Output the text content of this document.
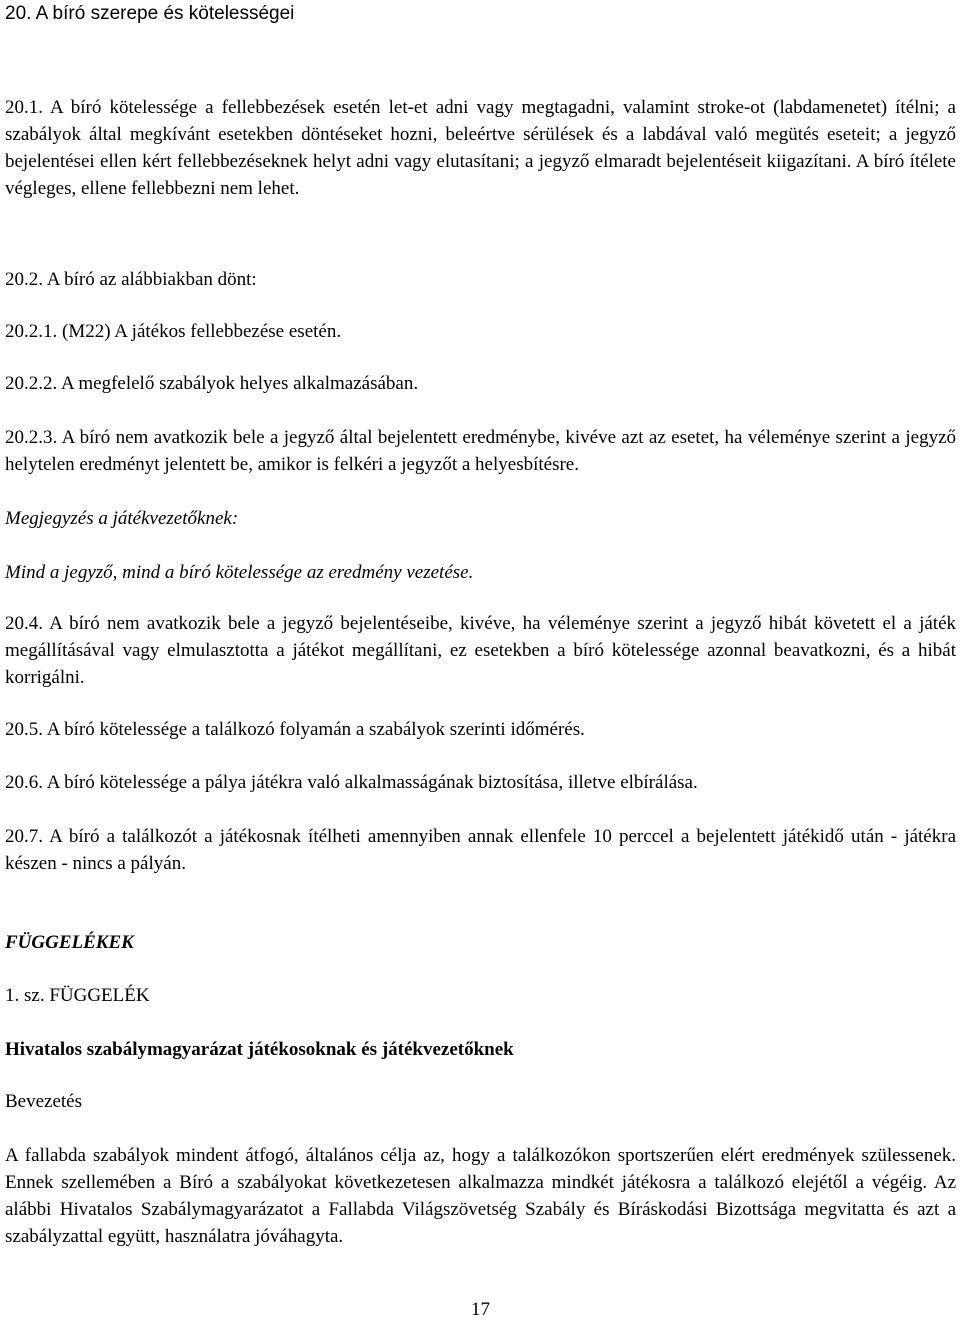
20. A bíró szerepe és kötelességei

20.1. A bíró kötelessége a fellebbezések esetén let-et adni vagy megtagadni, valamint stroke-ot (labdamenetet) ítélni; a szabályok által megkívánt esetekben döntéseket hozni, beleértve sérülések és a labdával való megütés eseteit; a jegyző bejelentései ellen kért fellebbezéseknek helyt adni vagy elutasítani; a jegyző elmaradt bejelentéseit kiigazítani. A bíró ítélete végleges, ellene fellebbezni nem lehet.

20.2. A bíró az alábbiakban dönt:

20.2.1. (M22) A játékos fellebbezése esetén.

20.2.2. A megfelelő szabályok helyes alkalmazásában.

20.2.3. A bíró nem avatkozik bele a jegyző által bejelentett eredménybe, kivéve azt az esetet, ha véleménye szerint a jegyző helytelen eredményt jelentett be, amikor is felkéri a jegyzőt a helyesbítésre.

Megjegyzés a játékvezetőknek:

Mind a jegyző, mind a bíró kötelessége az eredmény vezetése.

20.4. A bíró nem avatkozik bele a jegyző bejelentéseibe, kivéve, ha véleménye szerint a jegyző hibát követett el a játék megállításával vagy elmulasztotta a játékot megállítani, ez esetekben a bíró kötelessége azonnal beavatkozni, és a hibát korrigálni.

20.5. A bíró kötelessége a találkozó folyamán a szabályok szerinti időmérés.

20.6. A bíró kötelessége a pálya játékra való alkalmasságának biztosítása, illetve elbírálása.

20.7. A bíró a találkozót a játékosnak ítélheti amennyiben annak ellenfele 10 perccel a bejelentett játékidő után - játékra készen - nincs a pályán.

FÜGGELÉKEK

1. sz. FÜGGELÉK

Hivatalos szabálymagyarázat játékosoknak és játékvezetőknek

Bevezetés

A fallabda szabályok mindent átfogó, általános célja az, hogy a találkozókon sportszerűen elért eredmények szülessenek. Ennek szellemében a Bíró a szabályokat következetesen alkalmazza mindkét játékosra a találkozó elejétől a végéig. Az alábbi Hivatalos Szabálymagyarázatot a Fallabda Világszövetség Szabály és Bíráskodási Bizottsága megvitatta és azt a szabályzattal együtt, használatra jóváhagyta.

17
